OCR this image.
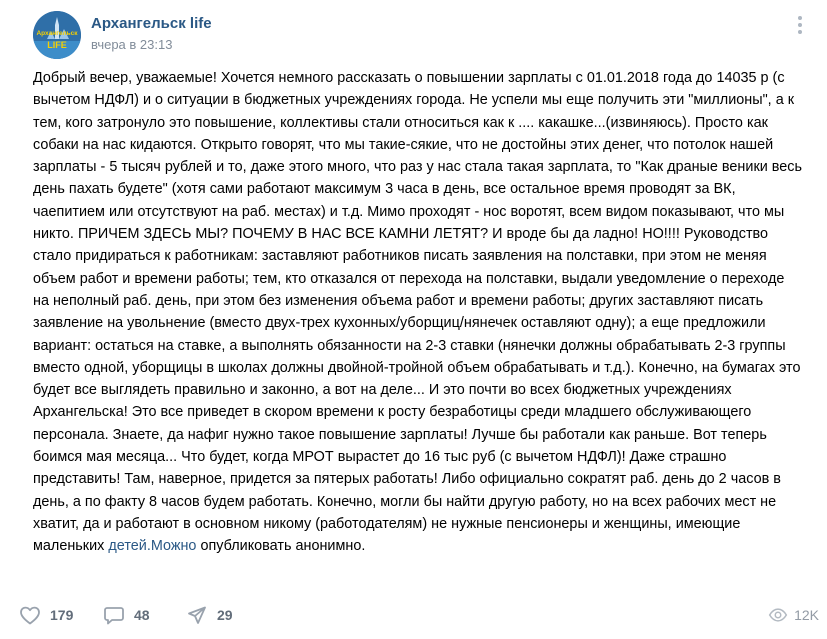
Архангельск
LIFE
Архангельск life
вчера в 23:13
Добрый вечер, уважаемые! Хочется немного рассказать о повышении зарплаты с 01.01.2018 года до 14035 р (с вычетом НДФЛ) и о ситуации в бюджетных учреждениях города. Не успели мы еще получить эти "миллионы", а к тем, кого затронуло это повышение, коллективы стали относиться как к .... какашке...(извиняюсь). Просто как собаки на нас кидаются. Открыто говорят, что мы такие-сякие, что не достойны этих денег, что потолок нашей зарплаты - 5 тысяч рублей и то, даже этого много, что раз у нас стала такая зарплата, то "Как драные веники весь день пахать будете" (хотя сами работают максимум 3 часа в день, все остальное время проводят за ВК, чаепитием или отсутствуют на раб. местах) и т.д. Мимо проходят - нос воротят, всем видом показывают, что мы никто. ПРИЧЕМ ЗДЕСЬ МЫ? ПОЧЕМУ В НАС ВСЕ КАМНИ ЛЕТЯТ? И вроде бы да ладно! НО!!!! Руководство стало придираться к работникам: заставляют работников писать заявления на полставки, при этом не меняя объем работ и времени работы; тем, кто отказался от перехода на полставки, выдали уведомление о переходе на неполный раб. день, при этом без изменения объема работ и времени работы; других заставляют писать заявление на увольнение (вместо двух-трех кухонных/уборщиц/нянечек оставляют одну); а еще предложили вариант: остаться на ставке, а выполнять обязанности на 2-3 ставки (нянечки должны обрабатывать 2-3 группы вместо одной, уборщицы в школах должны двойной-тройной объем обрабатывать и т.д.). Конечно, на бумагах это будет все выглядеть правильно и законно, а вот на деле... И это почти во всех бюджетных учреждениях Архангельска! Это все приведет в скором времени к росту безработицы среди младшего обслуживающего персонала. Знаете, да нафиг нужно такое повышение зарплаты! Лучше бы работали как раньше. Вот теперь боимся мая месяца... Что будет, когда МРОТ вырастет до 16 тыс руб (с вычетом НДФЛ)! Даже страшно представить! Там, наверное, придется за пятерых работать! Либо официально сократят раб. день до 2 часов в день, а по факту 8 часов будем работать. Конечно, могли бы найти другую работу, но на всех рабочих мест не хватит, да и работают в основном никому (работодателям) не нужные пенсионеры и женщины, имеющие маленьких детей.Можно опубликовать анонимно.
179	48	29	12K
